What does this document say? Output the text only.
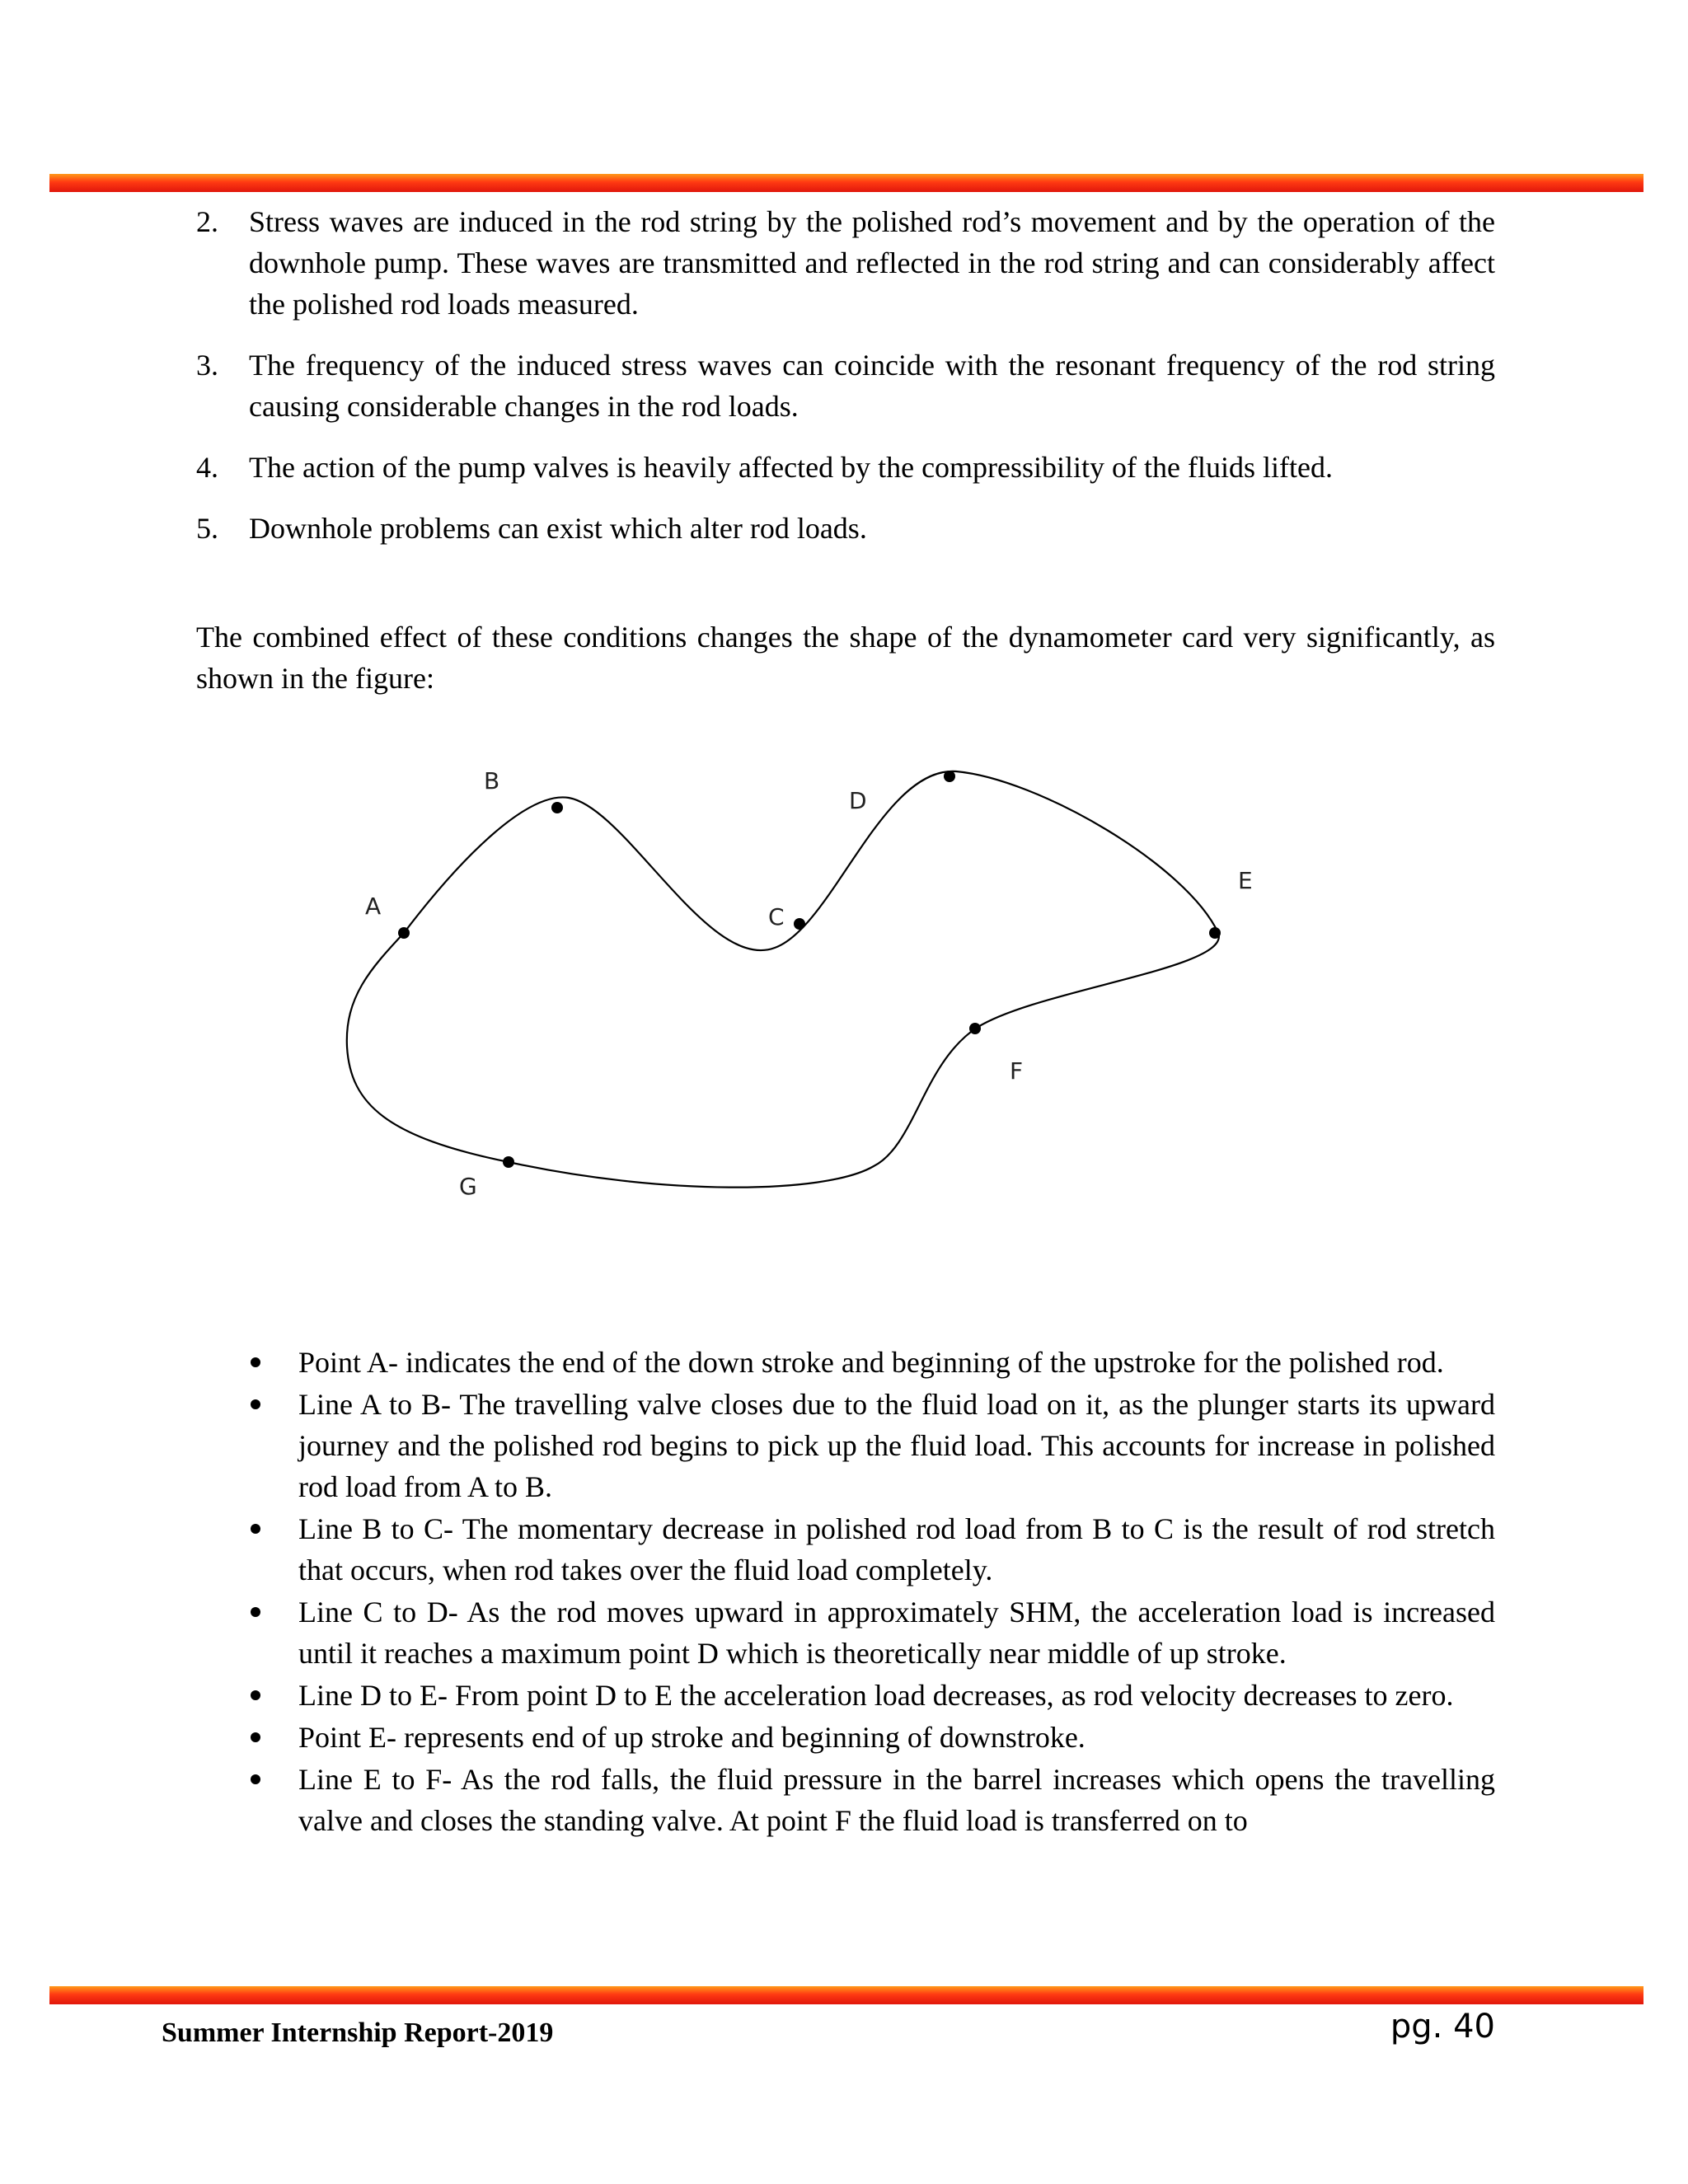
2. Stress waves are induced in the rod string by the polished rod’s movement and by the operation of the downhole pump. These waves are transmitted and reflected in the rod string and can considerably affect the polished rod loads measured.
3. The frequency of the induced stress waves can coincide with the resonant frequency of the rod string causing considerable changes in the rod loads.
4. The action of the pump valves is heavily affected by the compressibility of the fluids lifted.
5. Downhole problems can exist which alter rod loads.

The combined effect of these conditions changes the shape of the dynamometer card very significantly, as shown in the figure:

A
B
C
D
E
F
G
Point A- indicates the end of the down stroke and beginning of the upstroke for the polished rod.
Line A to B- The travelling valve closes due to the fluid load on it, as the plunger starts its upward journey and the polished rod begins to pick up the fluid load. This accounts for increase in polished rod load from A to B.
Line B to C- The momentary decrease in polished rod load from B to C is the result of rod stretch that occurs, when rod takes over the fluid load completely.
Line C to D- As the rod moves upward in approximately SHM, the acceleration load is increased until it reaches a maximum point D which is theoretically near middle of up stroke.
Line D to E- From point D to E the acceleration load decreases, as rod velocity decreases to zero.
Point E- represents end of up stroke and beginning of downstroke.
Line E to F- As the rod falls, the fluid pressure in the barrel increases which opens the travelling valve and closes the standing valve. At point F the fluid load is transferred on to
Summer Internship Report-2019	pg. 40
